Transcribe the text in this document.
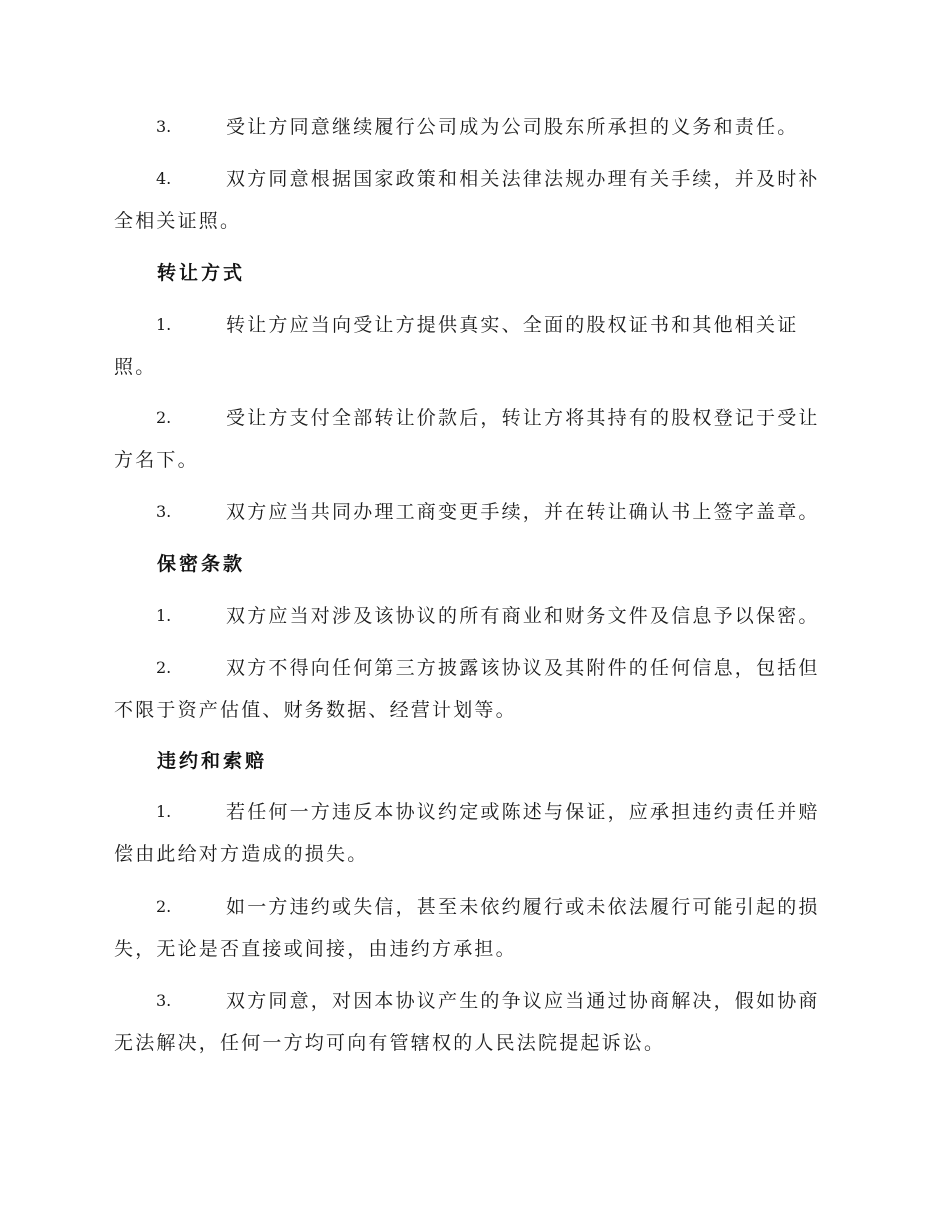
3.	受让方同意继续履行公司成为公司股东所承担的义务和责任。
4.	双方同意根据国家政策和相关法律法规办理有关手续，并及时补
全相关证照。
转让方式
1.	转让方应当向受让方提供真实、全面的股权证书和其他相关证
照。
2.	受让方支付全部转让价款后，转让方将其持有的股权登记于受让
方名下。
3.	双方应当共同办理工商变更手续，并在转让确认书上签字盖章。
保密条款
1.	双方应当对涉及该协议的所有商业和财务文件及信息予以保密。
2.	双方不得向任何第三方披露该协议及其附件的任何信息，包括但
不限于资产估值、财务数据、经营计划等。
违约和索赔
1.	若任何一方违反本协议约定或陈述与保证，应承担违约责任并赔
偿由此给对方造成的损失。
2.	如一方违约或失信，甚至未依约履行或未依法履行可能引起的损
失，无论是否直接或间接，由违约方承担。
3.	双方同意，对因本协议产生的争议应当通过协商解决，假如协商
无法解决，任何一方均可向有管辖权的人民法院提起诉讼。
